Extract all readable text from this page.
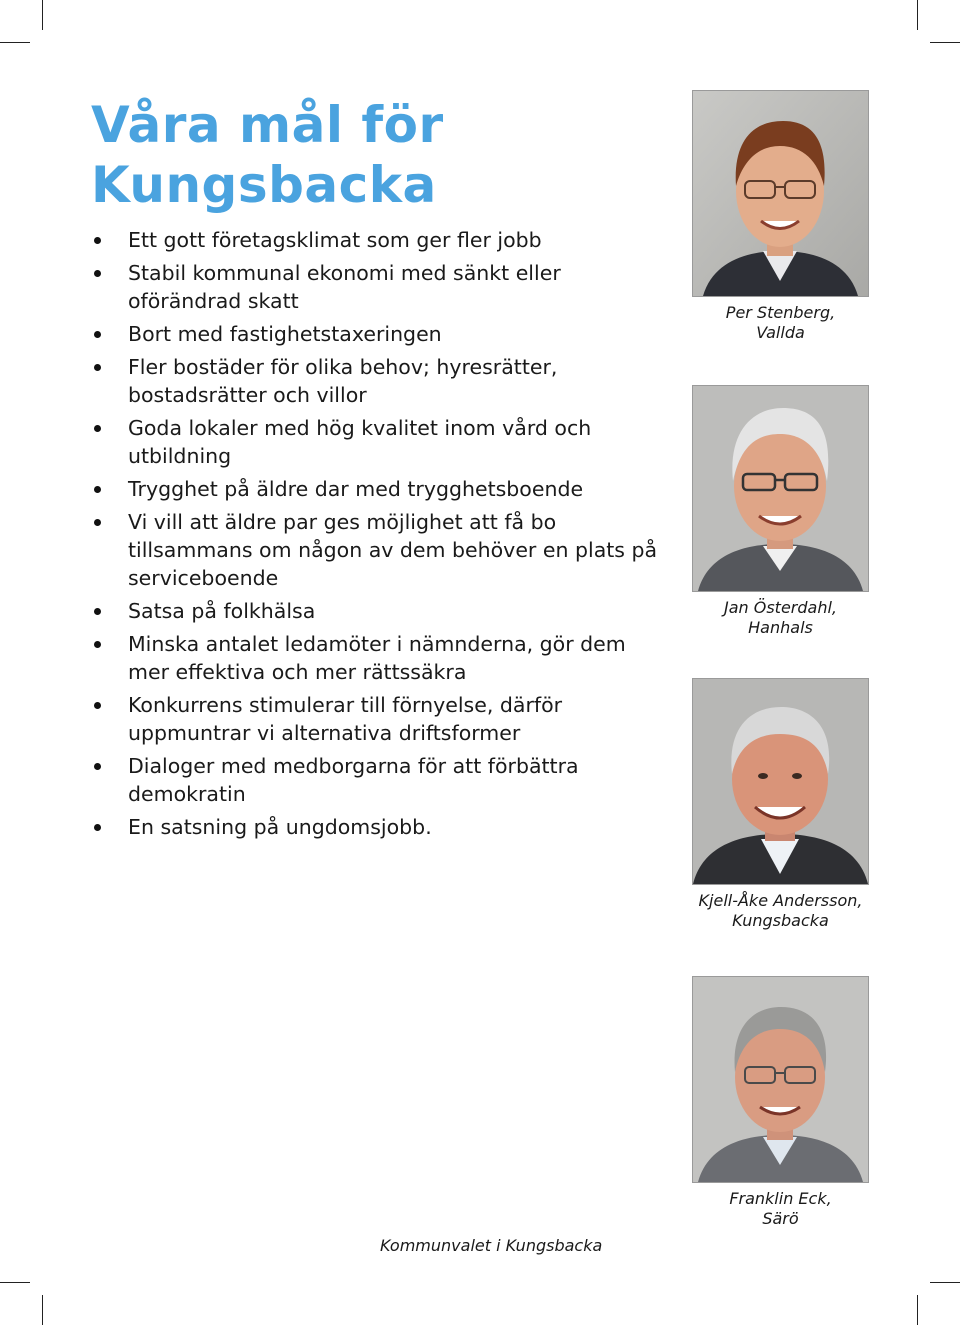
Våra mål för Kungsbacka
Ett gott företagsklimat som ger fler jobb
Stabil kommunal ekonomi med sänkt eller oförändrad skatt
Bort med fastighetstaxeringen
Fler bostäder för olika behov; hyresrätter, bostadsrätter och villor
Goda lokaler med hög kvalitet inom vård och utbildning
Trygghet på äldre dar med trygghetsboende
Vi vill att äldre par ges möjlighet att få bo tillsammans om någon av dem behöver en plats på serviceboende
Satsa på folkhälsa
Minska antalet ledamöter i nämnderna, gör dem mer effektiva och mer rättssäkra
Konkurrens stimulerar till förnyelse, därför uppmuntrar vi alternativa driftsformer
Dialoger med medborgarna för att förbättra demokratin
En satsning på ungdomsjobb.
Per Stenberg,
Vallda
Jan Österdahl,
Hanhals
Kjell-Åke Andersson,
Kungsbacka
Franklin Eck,
Särö
Kommunvalet i Kungsbacka
